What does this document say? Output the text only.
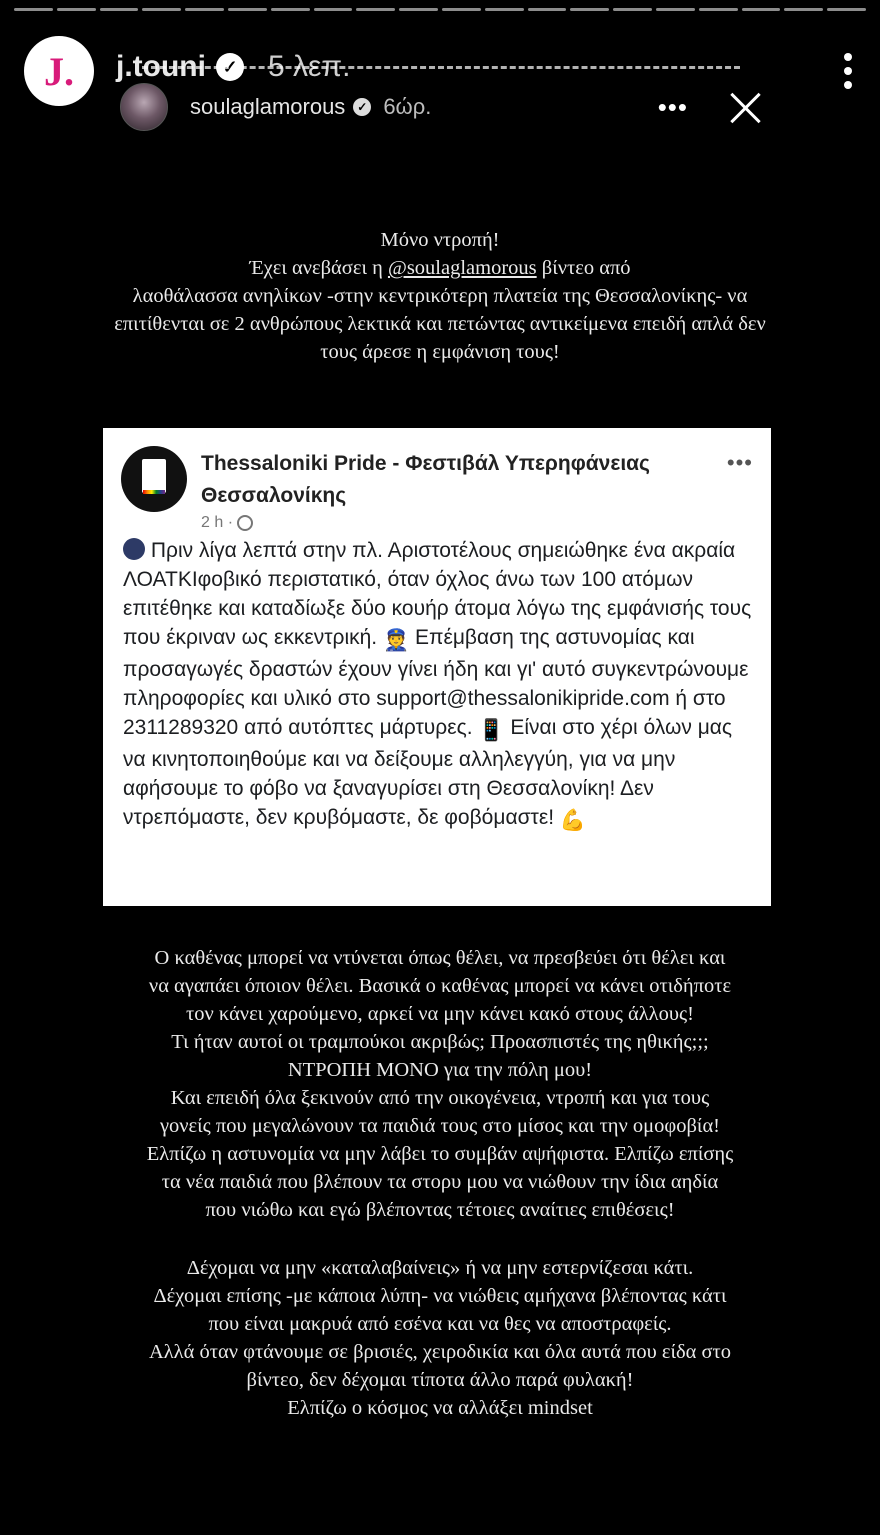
J. j.touni ✓ 5 λεπ.
soulaglamorous ✓ 6ώρ.	•••
Μόνο ντροπή!
Έχει ανεβάσει η @soulaglamorous βίντεο από
λαοθάλασσα ανηλίκων -στην κεντρικότερη πλατεία της Θεσσαλονίκης- να επιτίθενται σε 2 ανθρώπους λεκτικά και πετώντας αντικείμενα επειδή απλά δεν τους άρεσε η εμφάνιση τους!
Thessaloniki Pride - Φεστιβάλ Υπερηφάνειας Θεσσαλονίκης
2 h ·
•••
Πριν λίγα λεπτά στην πλ. Αριστοτέλους σημειώθηκε ένα ακραία ΛΟΑΤΚΙφοβικό περιστατικό, όταν όχλος άνω των 100 ατόμων επιτέθηκε και καταδίωξε δύο κουήρ άτομα λόγω της εμφάνισής τους που έκριναν ως εκκεντρική. 👮 Επέμβαση της αστυνομίας και προσαγωγές δραστών έχουν γίνει ήδη και γι' αυτό συγκεντρώνουμε πληροφορίες και υλικό στο support@thessalonikipride.com ή στο 2311289320 από αυτόπτες μάρτυρες. 📱 Είναι στο χέρι όλων μας να κινητοποιηθούμε και να δείξουμε αλληλεγγύη, για να μην αφήσουμε το φόβο να ξαναγυρίσει στη Θεσσαλονίκη! Δεν ντρεπόμαστε, δεν κρυβόμαστε, δε φοβόμαστε! 💪
Ο καθένας μπορεί να ντύνεται όπως θέλει, να πρεσβεύει ότι θέλει και
να αγαπάει όποιον θέλει. Βασικά ο καθένας μπορεί να κάνει οτιδήποτε
τον κάνει χαρούμενο, αρκεί να μην κάνει κακό στους άλλους!
Τι ήταν αυτοί οι τραμπούκοι ακριβώς; Προασπιστές της ηθικής;;;
ΝΤΡΟΠΗ ΜΟΝΟ για την πόλη μου!
Και επειδή όλα ξεκινούν από την οικογένεια, ντροπή και για τους
γονείς που μεγαλώνουν τα παιδιά τους στο μίσος και την ομοφοβία!
Ελπίζω η αστυνομία να μην λάβει το συμβάν αψήφιστα. Ελπίζω επίσης
τα νέα παιδιά που βλέπουν τα στορυ μου να νιώθουν την ίδια αηδία
που νιώθω και εγώ βλέποντας τέτοιες αναίτιες επιθέσεις!
Δέχομαι να μην «καταλαβαίνεις» ή να μην εστερνίζεσαι κάτι.
Δέχομαι επίσης -με κάποια λύπη- να νιώθεις αμήχανα βλέποντας κάτι
που είναι μακρυά από εσένα και να θες να αποστραφείς.
Αλλά όταν φτάνουμε σε βρισιές, χειροδικία και όλα αυτά που είδα στο
βίντεο, δεν δέχομαι τίποτα άλλο παρά φυλακή!
Ελπίζω ο κόσμος να αλλάξει mindset
